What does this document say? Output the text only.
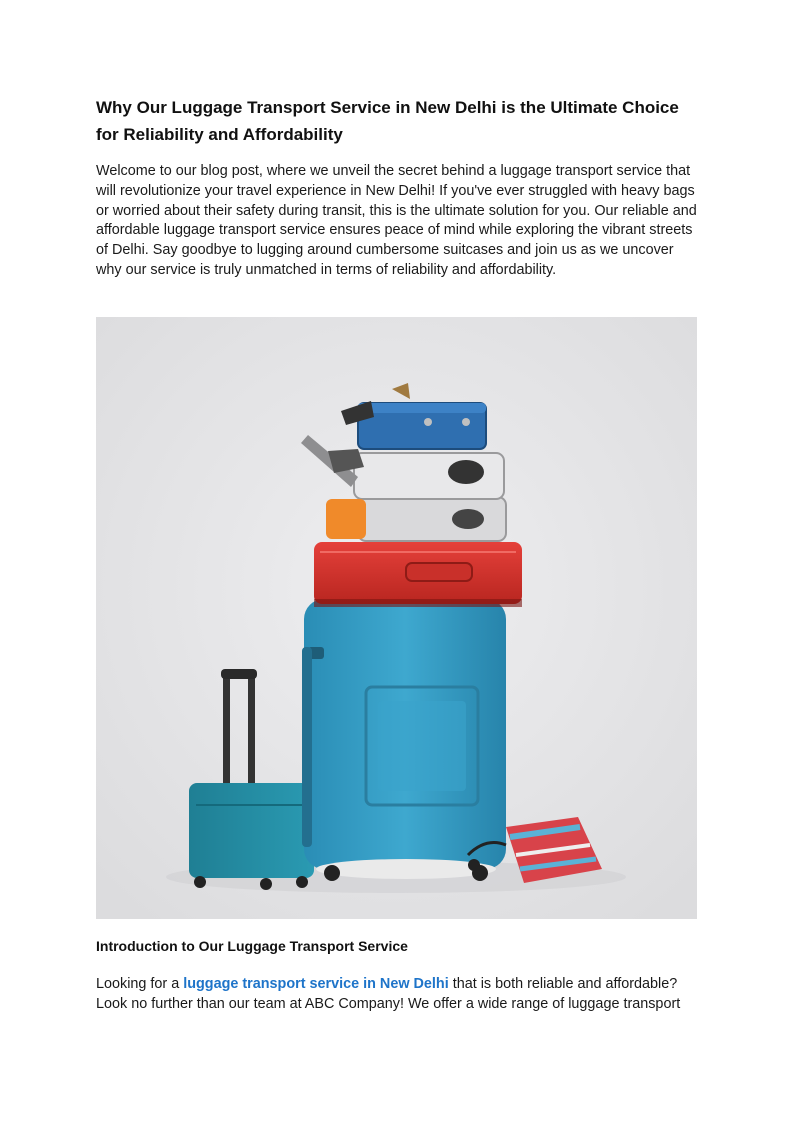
Why Our Luggage Transport Service in New Delhi is the Ultimate Choice for Reliability and Affordability

Welcome to our blog post, where we unveil the secret behind a luggage transport service that will revolutionize your travel experience in New Delhi! If you've ever struggled with heavy bags or worried about their safety during transit, this is the ultimate solution for you. Our reliable and affordable luggage transport service ensures peace of mind while exploring the vibrant streets of Delhi. Say goodbye to lugging around cumbersome suitcases and join us as we uncover why our service is truly unmatched in terms of reliability and affordability.

Introduction to Our Luggage Transport Service

Looking for a luggage transport service in New Delhi that is both reliable and affordable? Look no further than our team at ABC Company! We offer a wide range of luggage transport
